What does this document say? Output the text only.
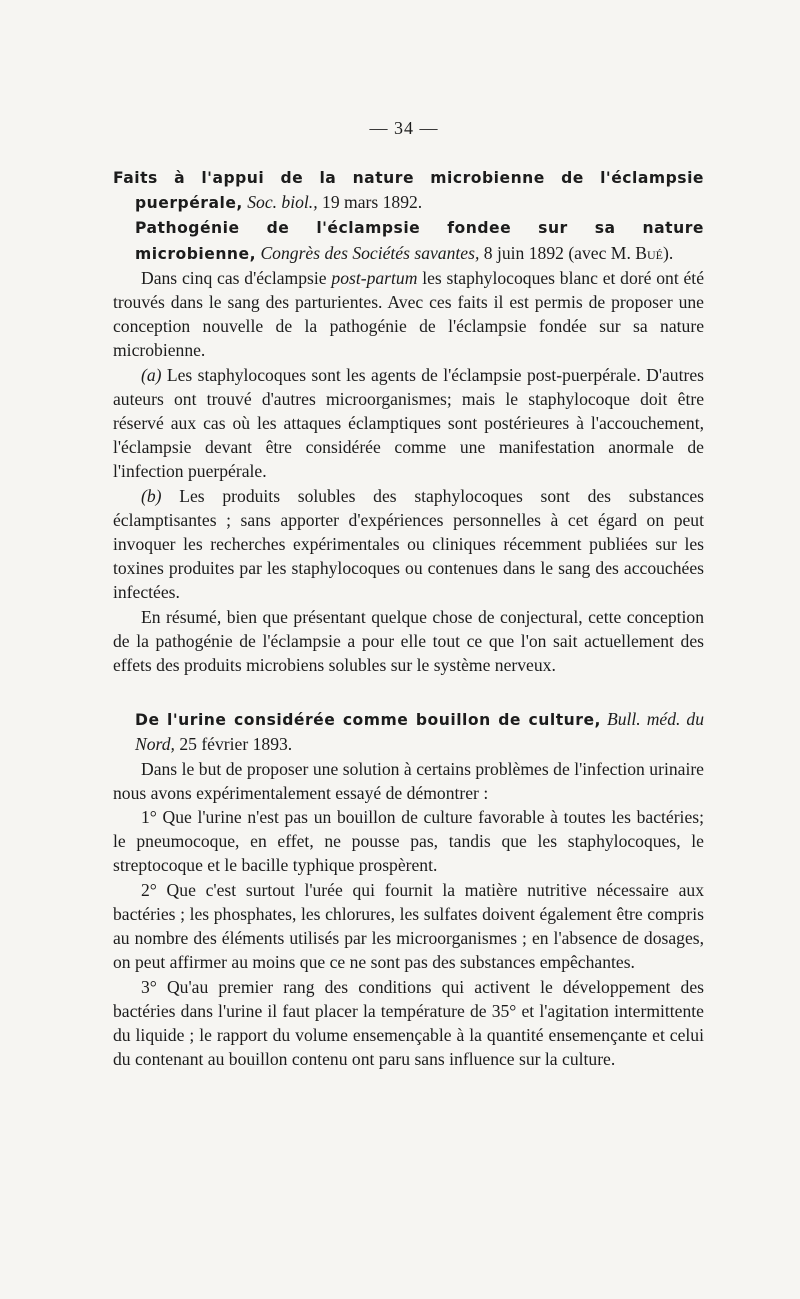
— 34 —

Faits à l'appui de la nature microbienne de l'éclampsie puerpérale, Soc. biol., 19 mars 1892.

Pathogénie de l'éclampsie fondee sur sa nature microbienne, Congrès des Sociétés savantes, 8 juin 1892 (avec M. Bué).

Dans cinq cas d'éclampsie post-partum les staphylocoques blanc et doré ont été trouvés dans le sang des parturientes. Avec ces faits il est permis de proposer une conception nouvelle de la pathogénie de l'éclampsie fondée sur sa nature microbienne.

(a) Les staphylocoques sont les agents de l'éclampsie post-puerpérale. D'autres auteurs ont trouvé d'autres microorganismes; mais le staphylocoque doit être réservé aux cas où les attaques éclamptiques sont postérieures à l'accouchement, l'éclampsie devant être considérée comme une manifestation anormale de l'infection puerpérale.

(b) Les produits solubles des staphylocoques sont des substances éclamptisantes ; sans apporter d'expériences personnelles à cet égard on peut invoquer les recherches expérimentales ou cliniques récemment publiées sur les toxines produites par les staphylocoques ou contenues dans le sang des accouchées infectées.

En résumé, bien que présentant quelque chose de conjectural, cette conception de la pathogénie de l'éclampsie a pour elle tout ce que l'on sait actuellement des effets des produits microbiens solubles sur le système nerveux.

De l'urine considérée comme bouillon de culture, Bull. méd. du Nord, 25 février 1893.

Dans le but de proposer une solution à certains problèmes de l'infection urinaire nous avons expérimentalement essayé de démontrer :

1° Que l'urine n'est pas un bouillon de culture favorable à toutes les bactéries; le pneumocoque, en effet, ne pousse pas, tandis que les staphylocoques, le streptocoque et le bacille typhique prospèrent.

2° Que c'est surtout l'urée qui fournit la matière nutritive nécessaire aux bactéries ; les phosphates, les chlorures, les sulfates doivent également être compris au nombre des éléments utilisés par les microorganismes ; en l'absence de dosages, on peut affirmer au moins que ce ne sont pas des substances empêchantes.

3° Qu'au premier rang des conditions qui activent le développement des bactéries dans l'urine il faut placer la température de 35° et l'agitation intermittente du liquide ; le rapport du volume ensemençable à la quantité ensemençante et celui du contenant au bouillon contenu ont paru sans influence sur la culture.
